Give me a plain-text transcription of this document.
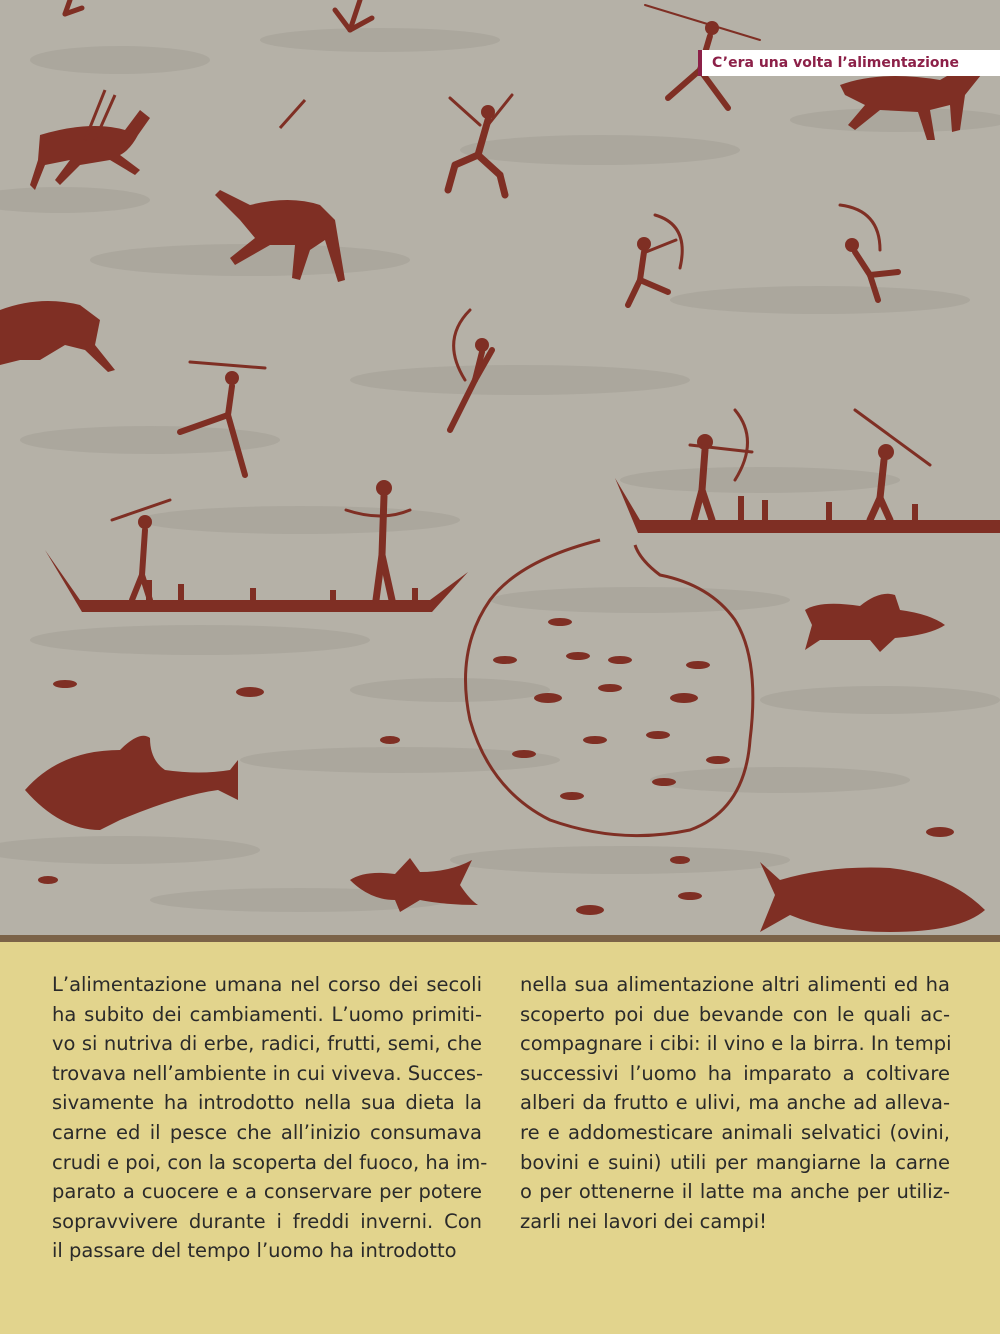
C’era una volta l’alimentazione
L’alimentazione umana nel corso dei secoli
ha subito dei cambiamenti. L’uomo primiti-
vo si nutriva di erbe, radici, frutti, semi, che
trovava nell’ambiente in cui viveva. Succes-
sivamente ha introdotto nella sua dieta la
carne ed il pesce che all’inizio consumava
crudi e poi, con la scoperta del fuoco, ha im-
parato a cuocere e a conservare per potere
sopravvivere durante i freddi inverni. Con
il passare del tempo l’uomo ha introdotto
nella sua alimentazione altri alimenti ed ha
scoperto poi due bevande con le quali ac-
compagnare i cibi: il vino e la birra. In tempi
successivi l’uomo ha imparato a coltivare
alberi da frutto e ulivi, ma anche ad alleva-
re e addomesticare animali selvatici (ovini,
bovini e suini) utili per mangiarne la carne
o per ottenerne il latte ma anche per utiliz-
zarli nei lavori dei campi!
